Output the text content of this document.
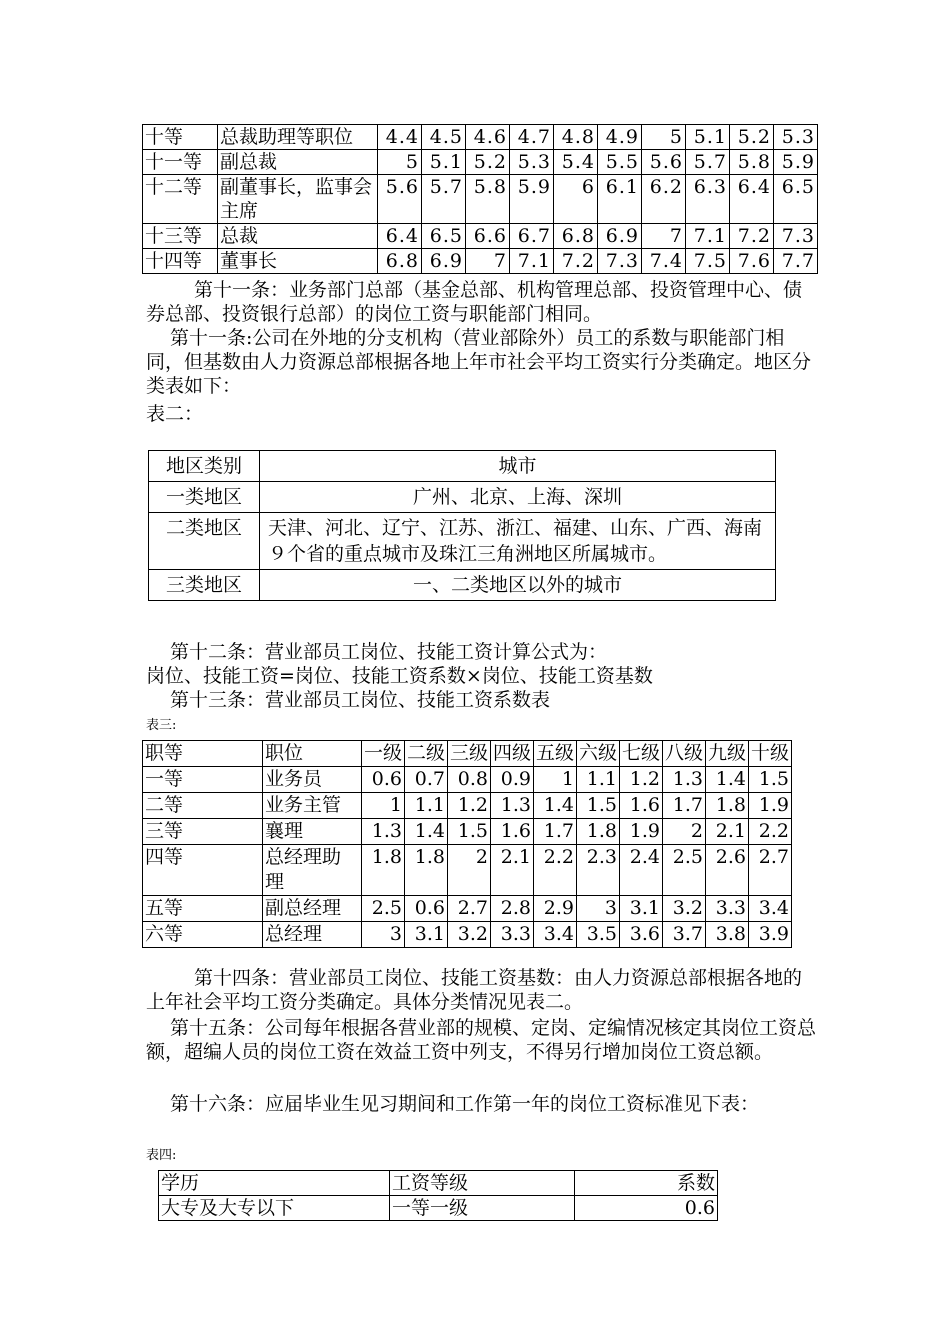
十等	总裁助理等职位	4.4	4.5	4.6	4.7	4.8	4.9	5	5.1	5.2	5.3
十一等	副总裁	5	5.1	5.2	5.3	5.4	5.5	5.6	5.7	5.8	5.9
十二等	副董事长，监事会主席	5.6	5.7	5.8	5.9	6	6.1	6.2	6.3	6.4	6.5
十三等	总裁	6.4	6.5	6.6	6.7	6.8	6.9	7	7.1	7.2	7.3
十四等	董事长	6.8	6.9	7	7.1	7.2	7.3	7.4	7.5	7.6	7.7
第十一条：业务部门总部（基金总部、机构管理总部、投资管理中心、债券总部、投资银行总部）的岗位工资与职能部门相同。
第十一条:公司在外地的分支机构（营业部除外）员工的系数与职能部门相同，但基数由人力资源总部根据各地上年市社会平均工资实行分类确定。地区分类表如下：
表二：
地区类别	城市
一类地区	广州、北京、上海、深圳
二类地区	天津、河北、辽宁、江苏、浙江、福建、山东、广西、海南９个省的重点城市及珠江三角洲地区所属城市。
三类地区	一、二类地区以外的城市
第十二条：营业部员工岗位、技能工资计算公式为：
岗位、技能工资=岗位、技能工资系数×岗位、技能工资基数
第十三条：营业部员工岗位、技能工资系数表
表三:
职等	职位	一级	二级	三级	四级	五级	六级	七级	八级	九级	十级
一等	业务员	0.6	0.7	0.8	0.9	1	1.1	1.2	1.3	1.4	1.5
二等	业务主管	1	1.1	1.2	1.3	1.4	1.5	1.6	1.7	1.8	1.9
三等	襄理	1.3	1.4	1.5	1.6	1.7	1.8	1.9	2	2.1	2.2
四等	总经理助理	1.8	1.8	2	2.1	2.2	2.3	2.4	2.5	2.6	2.7
五等	副总经理	2.5	0.6	2.7	2.8	2.9	3	3.1	3.2	3.3	3.4
六等	总经理	3	3.1	3.2	3.3	3.4	3.5	3.6	3.7	3.8	3.9
第十四条：营业部员工岗位、技能工资基数：由人力资源总部根据各地的上年社会平均工资分类确定。具体分类情况见表二。
第十五条：公司每年根据各营业部的规模、定岗、定编情况核定其岗位工资总额，超编人员的岗位工资在效益工资中列支，不得另行增加岗位工资总额。
第十六条：应届毕业生见习期间和工作第一年的岗位工资标准见下表：
表四:
学历	工资等级	系数
大专及大专以下	一等一级	0.6
